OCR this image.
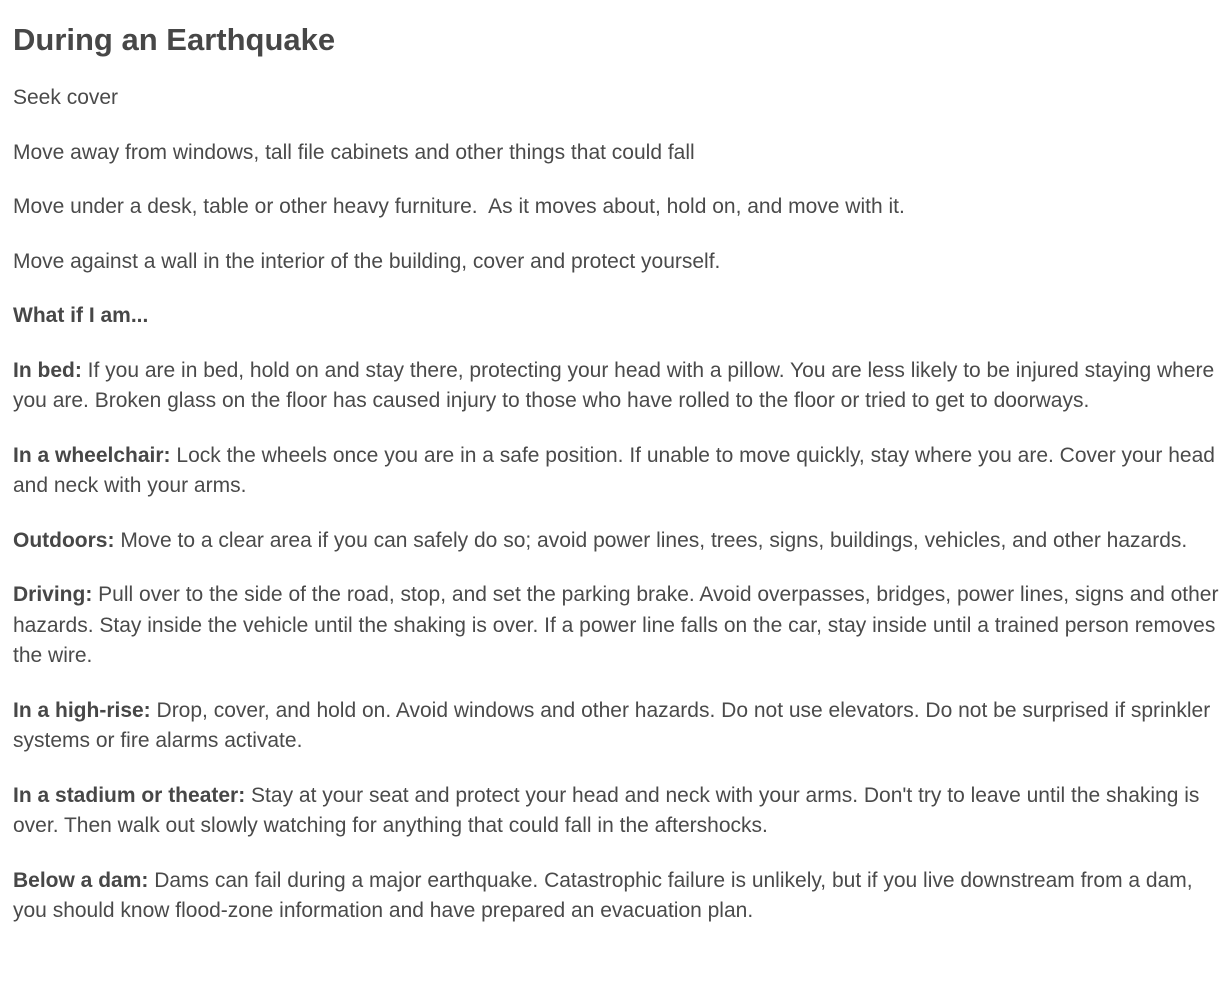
During an Earthquake

Seek cover

Move away from windows, tall file cabinets and other things that could fall

Move under a desk, table or other heavy furniture.  As it moves about, hold on, and move with it.

Move against a wall in the interior of the building, cover and protect yourself.

What if I am...

In bed: If you are in bed, hold on and stay there, protecting your head with a pillow. You are less likely to be injured staying where you are. Broken glass on the floor has caused injury to those who have rolled to the floor or tried to get to doorways.

In a wheelchair: Lock the wheels once you are in a safe position. If unable to move quickly, stay where you are. Cover your head and neck with your arms.

Outdoors: Move to a clear area if you can safely do so; avoid power lines, trees, signs, buildings, vehicles, and other hazards.

Driving: Pull over to the side of the road, stop, and set the parking brake. Avoid overpasses, bridges, power lines, signs and other hazards. Stay inside the vehicle until the shaking is over. If a power line falls on the car, stay inside until a trained person removes the wire.

In a high-rise: Drop, cover, and hold on. Avoid windows and other hazards. Do not use elevators. Do not be surprised if sprinkler systems or fire alarms activate.

In a stadium or theater: Stay at your seat and protect your head and neck with your arms. Don't try to leave until the shaking is over. Then walk out slowly watching for anything that could fall in the aftershocks.

Below a dam: Dams can fail during a major earthquake. Catastrophic failure is unlikely, but if you live downstream from a dam, you should know flood-zone information and have prepared an evacuation plan.
